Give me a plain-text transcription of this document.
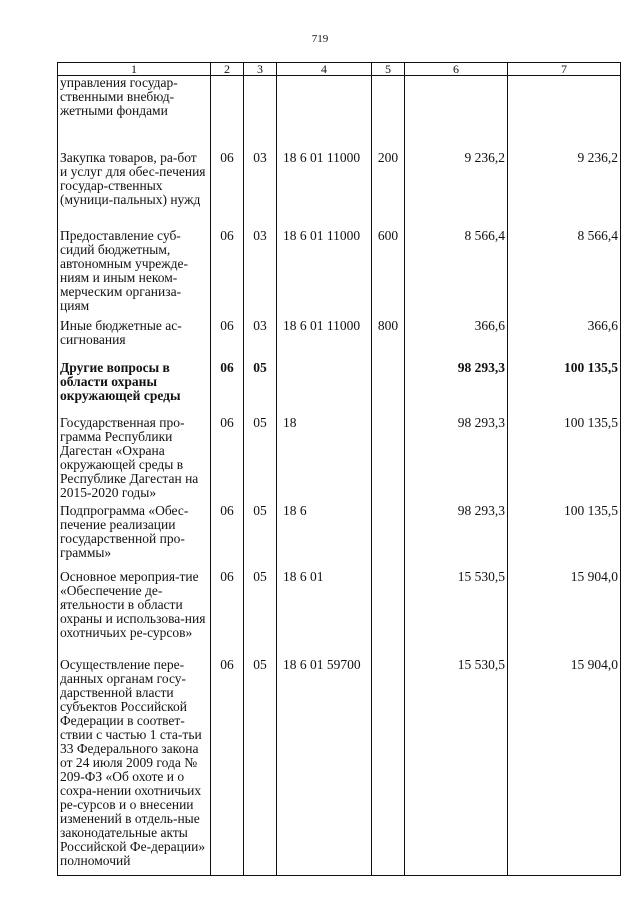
719
1	2	3	4	5	6	7
управления государ-ственными внебюд-жетными фондами						
Закупка товаров, ра-бот и услуг для обес-печения государ-ственных (муници-пальных) нужд	06	03	18 6 01 11000	200	9 236,2	9 236,2
Предоставление суб-сидий бюджетным, автономным учрежде-ниям и иным неком-мерческим организа-циям	06	03	18 6 01 11000	600	8 566,4	8 566,4
Иные бюджетные ас-сигнования	06	03	18 6 01 11000	800	366,6	366,6
Другие вопросы в области охраны окружающей среды	06	05			98 293,3	100 135,5
Государственная про-грамма Республики Дагестан «Охрана окружающей среды в Республике Дагестан на 2015-2020 годы»	06	05	18		98 293,3	100 135,5
Подпрограмма «Обес-печение реализации государственной про-граммы»	06	05	18 6		98 293,3	100 135,5
Основное мероприя-тие «Обеспечение де-ятельности в области охраны и использова-ния охотничьих ре-сурсов»	06	05	18 6 01		15 530,5	15 904,0
Осуществление пере-данных органам госу-дарственной власти субъектов Российской Федерации в соответ-ствии с частью 1 ста-тьи 33 Федерального закона от 24 июля 2009 года № 209-ФЗ «Об охоте и о сохра-нении охотничьих ре-сурсов и о внесении изменений в отдель-ные законодательные акты Российской Фе-дерации» полномочий	06	05	18 6 01 59700		15 530,5	15 904,0
